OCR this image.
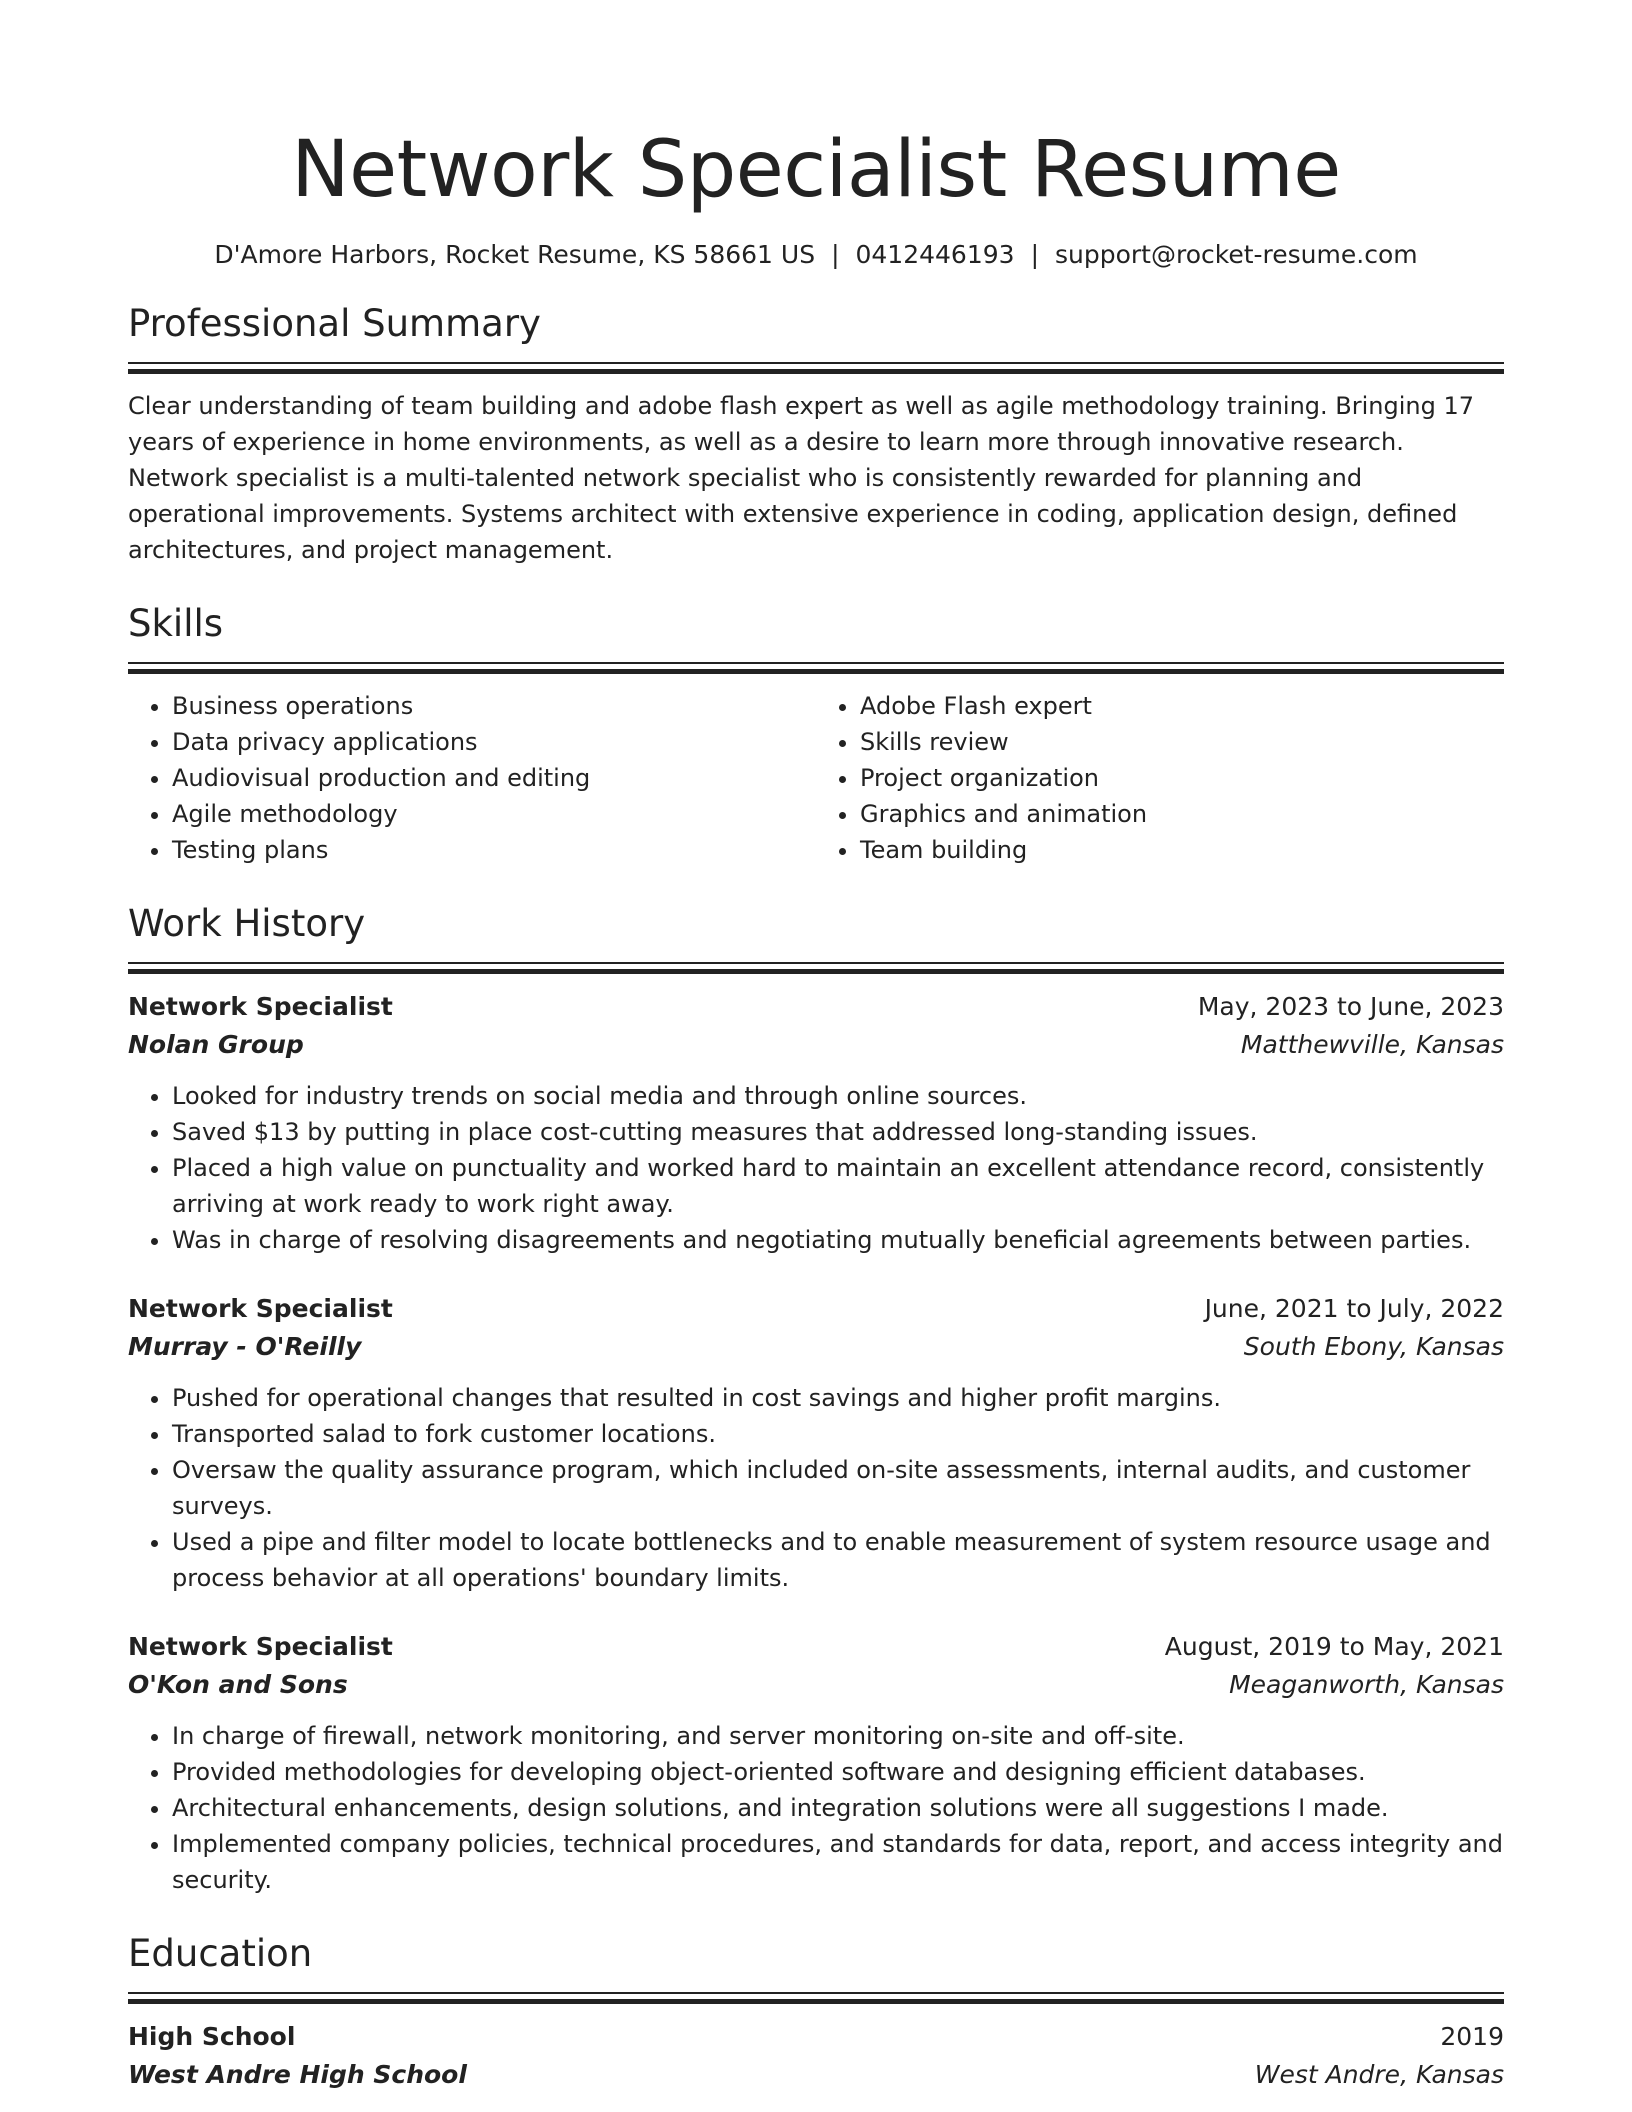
Network Specialist Resume
D'Amore Harbors, Rocket Resume, KS 58661 US | 0412446193 | support@rocket-resume.com
Professional Summary

Clear understanding of team building and adobe flash expert as well as agile methodology training. Bringing 17 years of experience in home environments, as well as a desire to learn more through innovative research. Network specialist is a multi-talented network specialist who is consistently rewarded for planning and operational improvements. Systems architect with extensive experience in coding, application design, defined architectures, and project management.

Skills
• Business operations
• Data privacy applications
• Audiovisual production and editing
• Agile methodology
• Testing plans
• Adobe Flash expert
• Skills review
• Project organization
• Graphics and animation
• Team building
Work History
Network Specialist	May, 2023 to June, 2023
Nolan Group	Matthewville, Kansas
• Looked for industry trends on social media and through online sources.
• Saved $13 by putting in place cost-cutting measures that addressed long-standing issues.
• Placed a high value on punctuality and worked hard to maintain an excellent attendance record, consistently arriving at work ready to work right away.
• Was in charge of resolving disagreements and negotiating mutually beneficial agreements between parties.
Network Specialist	June, 2021 to July, 2022
Murray - O'Reilly	South Ebony, Kansas
• Pushed for operational changes that resulted in cost savings and higher profit margins.
• Transported salad to fork customer locations.
• Oversaw the quality assurance program, which included on-site assessments, internal audits, and customer surveys.
• Used a pipe and filter model to locate bottlenecks and to enable measurement of system resource usage and process behavior at all operations' boundary limits.
Network Specialist	August, 2019 to May, 2021
O'Kon and Sons	Meaganworth, Kansas
• In charge of firewall, network monitoring, and server monitoring on-site and off-site.
• Provided methodologies for developing object-oriented software and designing efficient databases.
• Architectural enhancements, design solutions, and integration solutions were all suggestions I made.
• Implemented company policies, technical procedures, and standards for data, report, and access integrity and security.
Education
High School	2019
West Andre High School	West Andre, Kansas
